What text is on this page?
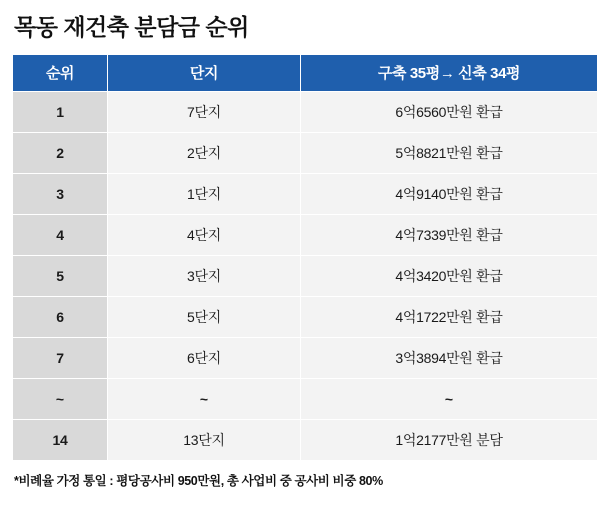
목동 재건축 분담금 순위
순위	단지	구축 35평→ 신축 34평
1	7단지	6억6560만원 환급
2	2단지	5억8821만원 환급
3	1단지	4억9140만원 환급
4	4단지	4억7339만원 환급
5	3단지	4억3420만원 환급
6	5단지	4억1722만원 환급
7	6단지	3억3894만원 환급
~	~	~
14	13단지	1억2177만원 분담
*비례율 가정 통일 : 평당공사비 950만원, 총 사업비 중 공사비 비중 80%
